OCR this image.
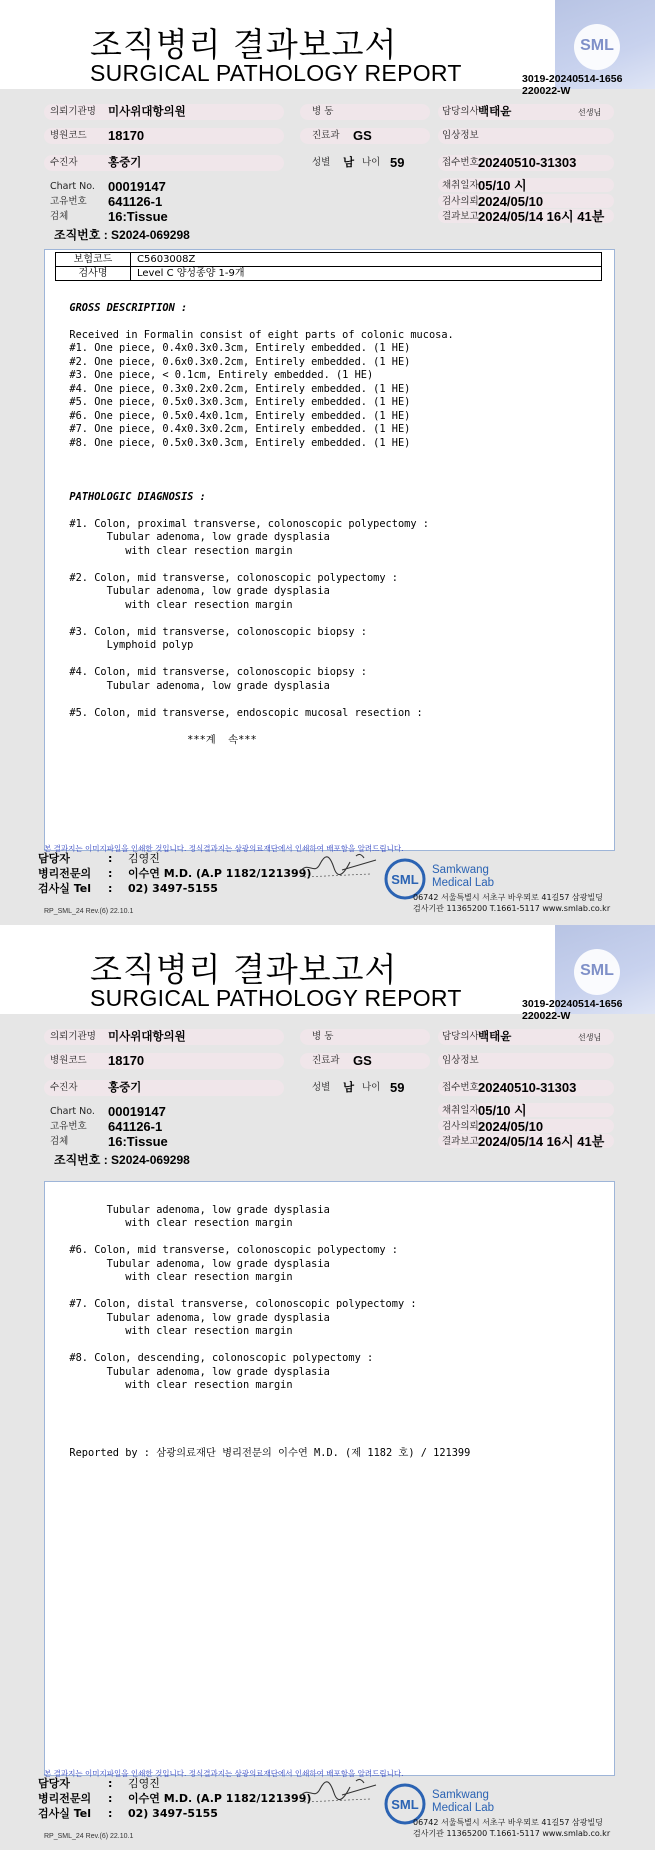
SML
조직병리 결과보고서
SURGICAL PATHOLOGY REPORT	3019-20240514-1656
220022-W
의뢰기관명 미사위대항의원	병 동	담당의사 백태윤	선생님
병원코드 18170	진료과 GS	임상정보
수진자	홍중기	성별 남 나이 59	접수번호 20240510-31303
Chart No. 00019147
고유번호 641126-1
검체	16:Tissue
채취일자 05/10 시
검사의뢰 2024/05/10
결과보고 2024/05/14 16시 41분
조직번호 : S2024-069298
보험코드	C5603008Z
검사명	Level C 양성종양 1-9개

GROSS DESCRIPTION :

Received in Formalin consist of eight parts of colonic mucosa.
#1. One piece, 0.4x0.3x0.3cm, Entirely embedded. (1 HE)
#2. One piece, 0.6x0.3x0.2cm, Entirely embedded. (1 HE)
#3. One piece, < 0.1cm, Entirely embedded. (1 HE)
#4. One piece, 0.3x0.2x0.2cm, Entirely embedded. (1 HE)
#5. One piece, 0.5x0.3x0.3cm, Entirely embedded. (1 HE)
#6. One piece, 0.5x0.4x0.1cm, Entirely embedded. (1 HE)
#7. One piece, 0.4x0.3x0.2cm, Entirely embedded. (1 HE)
#8. One piece, 0.5x0.3x0.3cm, Entirely embedded. (1 HE)

PATHOLOGIC DIAGNOSIS :

#1. Colon, proximal transverse, colonoscopic polypectomy :
Tubular adenoma, low grade dysplasia
with clear resection margin

#2. Colon, mid transverse, colonoscopic polypectomy :
Tubular adenoma, low grade dysplasia
with clear resection margin

#3. Colon, mid transverse, colonoscopic biopsy :
Lymphoid polyp

#4. Colon, mid transverse, colonoscopic biopsy :
Tubular adenoma, low grade dysplasia

#5. Colon, mid transverse, endoscopic mucosal resection :

***계  속***
본 결과지는 이미지파일을 인쇄한 것입니다. 정식결과지는 삼광의료재단에서 인쇄하여 배포함을 알려드립니다.
담당자	: 김영진
병리전문의 : 이수연 M.D. (A.P 1182/121399)
검사실 Tel : 02) 3497-5155
SML
Samkwang
Medical Lab
06742 서울특별시 서초구 바우뫼로 41길57 삼광빌딩
검사기관 11365200 T.1661-5117 www.smlab.co.kr
RP_SML_24 Rev.(6) 22.10.1
SML
조직병리 결과보고서
SURGICAL PATHOLOGY REPORT	3019-20240514-1656
220022-W
의뢰기관명 미사위대항의원	병 동	담당의사 백태윤	선생님
병원코드 18170	진료과 GS	임상정보
수진자	홍중기	성별 남 나이 59	접수번호 20240510-31303
Chart No. 00019147
고유번호 641126-1
검체	16:Tissue
채취일자 05/10 시
검사의뢰 2024/05/10
결과보고 2024/05/14 16시 41분
조직번호 : S2024-069298

Tubular adenoma, low grade dysplasia
with clear resection margin

#6. Colon, mid transverse, colonoscopic polypectomy :
Tubular adenoma, low grade dysplasia
with clear resection margin

#7. Colon, distal transverse, colonoscopic polypectomy :
Tubular adenoma, low grade dysplasia
with clear resection margin

#8. Colon, descending, colonoscopic polypectomy :
Tubular adenoma, low grade dysplasia
with clear resection margin

Reported by : 삼광의료재단 병리전문의 이수연 M.D. (제 1182 호) / 121399
본 결과지는 이미지파일을 인쇄한 것입니다. 정식결과지는 삼광의료재단에서 인쇄하여 배포함을 알려드립니다.
담당자	: 김영진
병리전문의 : 이수연 M.D. (A.P 1182/121399)
검사실 Tel : 02) 3497-5155
SML
Samkwang
Medical Lab
06742 서울특별시 서초구 바우뫼로 41길57 삼광빌딩
검사기관 11365200 T.1661-5117 www.smlab.co.kr
RP_SML_24 Rev.(6) 22.10.1
